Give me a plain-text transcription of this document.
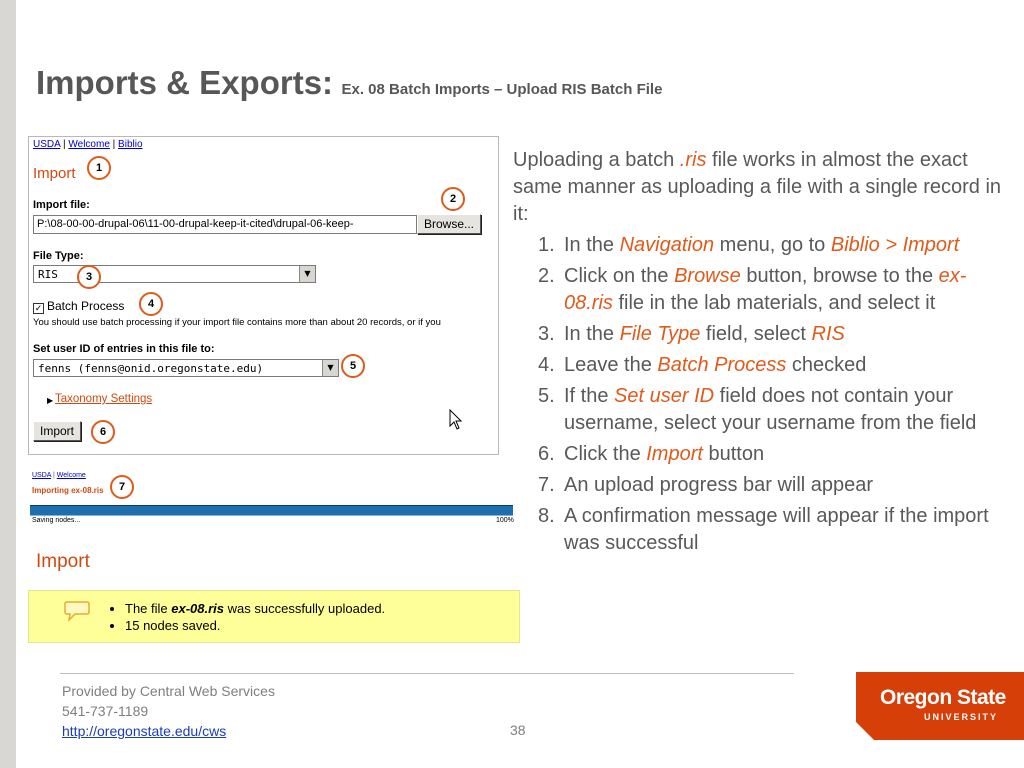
Imports & Exports: Ex. 08 Batch Imports – Upload RIS Batch File
USDA | Welcome | Biblio
Import
Import file:
P:\08-00-00-drupal-06\11-00-drupal-keep-it-cited\drupal-06-keep-	Browse...
File Type:
RIS	▼
✓ Batch Process
You should use batch processing if your import file contains more than about 20 records, or if you
Set user ID of entries in this file to:
fenns (fenns@onid.oregonstate.edu)	▼
▶ Taxonomy Settings
Import
1
2
3
4
5
6
7
USDA | Welcome
Importing ex-08.ris
Saving nodes...	100%
Import
• The file ex-08.ris was successfully uploaded.
• 15 nodes saved.
Uploading a batch .ris file works in almost the exact same manner as uploading a file with a single record in it:
1. In the Navigation menu, go to Biblio > Import
2. Click on the Browse button, browse to the ex-08.ris file in the lab materials, and select it
3. In the File Type field, select RIS
4. Leave the Batch Process checked
5. If the Set user ID field does not contain your username, select your username from the field
6. Click the Import button
7. An upload progress bar will appear
8. A confirmation message will appear if the import was successful
Provided by Central Web Services
541-737-1189
http://oregonstate.edu/cws	38
Oregon State
UNIVERSITY
